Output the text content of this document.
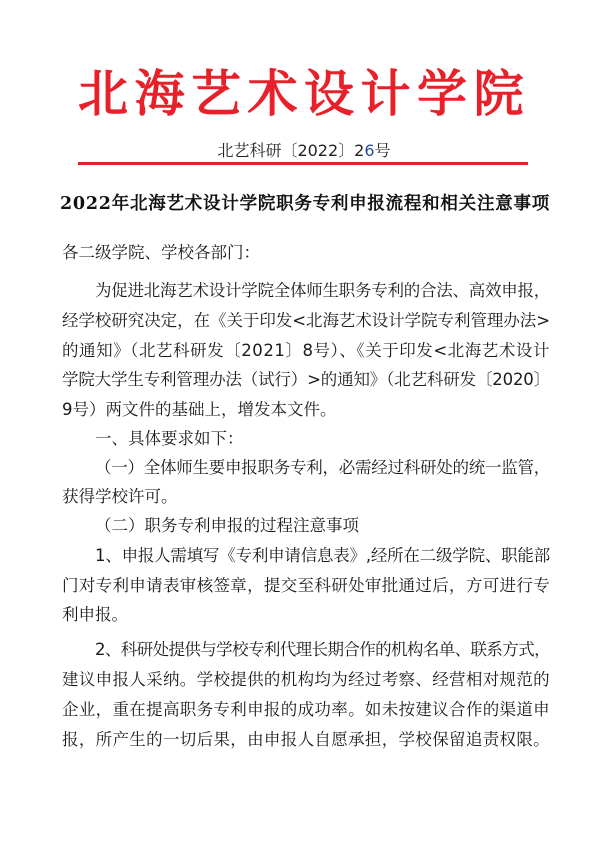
北海艺术设计学院
北艺科研〔2022〕26号
2022年北海艺术设计学院职务专利申报流程和相关注意事项
各二级学院、学校各部门：
为促进北海艺术设计学院全体师生职务专利的合法、高效申报，
经学校研究决定，在《关于印发<北海艺术设计学院专利管理办法>
的通知》（北艺科研发〔2021〕8号）、《关于印发<北海艺术设计
学院大学生专利管理办法（试行）>的通知》（北艺科研发〔2020〕
9号）两文件的基础上，增发本文件。
一、具体要求如下：
（一）全体师生要申报职务专利，必需经过科研处的统一监管，
获得学校许可。
（二）职务专利申报的过程注意事项
1、申报人需填写《专利申请信息表》,经所在二级学院、职能部
门对专利申请表审核签章，提交至科研处审批通过后，方可进行专
利申报。
2、科研处提供与学校专利代理长期合作的机构名单、联系方式，
建议申报人采纳。学校提供的机构均为经过考察、经营相对规范的
企业，重在提高职务专利申报的成功率。如未按建议合作的渠道申
报，所产生的一切后果，由申报人自愿承担，学校保留追责权限。
